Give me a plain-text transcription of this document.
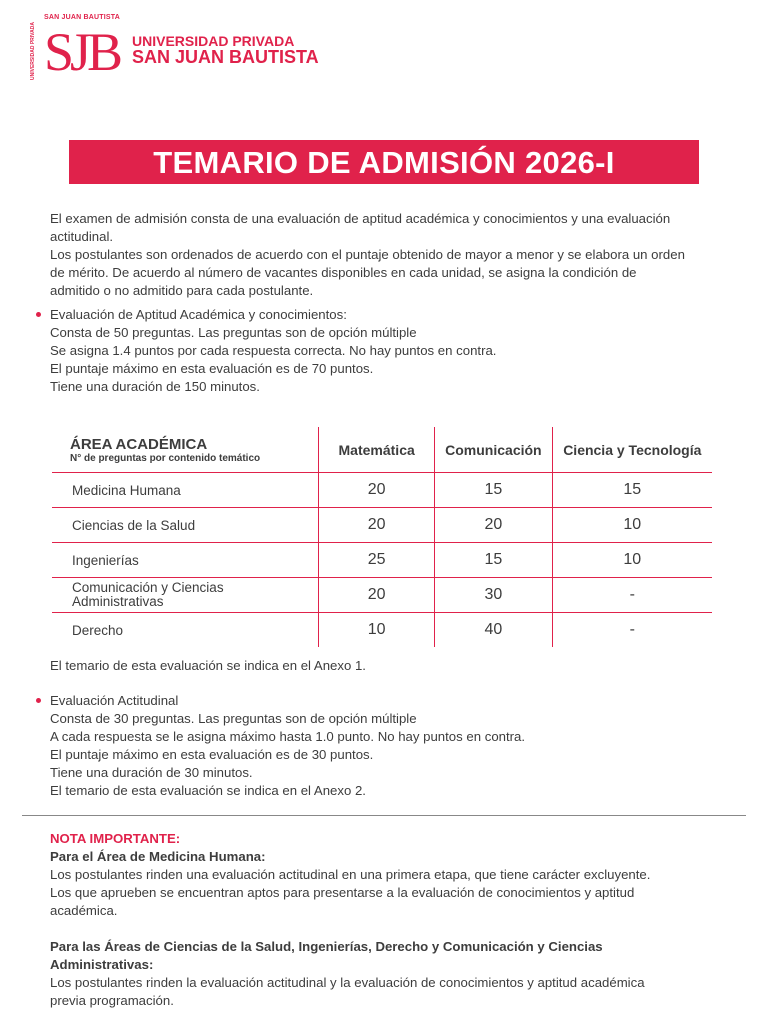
SAN JUAN BAUTISTA
UNIVERSIDAD PRIVADA SJB UNIVERSIDAD PRIVADA
SAN JUAN BAUTISTA
TEMARIO DE ADMISIÓN 2026-I
El examen de admisión consta de una evaluación de aptitud académica y conocimientos y una evaluación
actitudinal.
Los postulantes son ordenados de acuerdo con el puntaje obtenido de mayor a menor y se elabora un orden
de mérito. De acuerdo al número de vacantes disponibles en cada unidad, se asigna la condición de
admitido o no admitido para cada postulante.
Evaluación de Aptitud Académica y conocimientos:
Consta de 50 preguntas. Las preguntas son de opción múltiple
Se asigna 1.4 puntos por cada respuesta correcta. No hay puntos en contra.
El puntaje máximo en esta evaluación es de 70 puntos.
Tiene una duración de 150 minutos.
ÁREA ACADÉMICA
N° de preguntas por contenido temático	Matemática	Comunicación	Ciencia y Tecnología
Medicina Humana	20	15	15
Ciencias de la Salud	20	20	10
Ingenierías	25	15	10

Comunicación y Ciencias
Administrativas	20	30	-
Derecho	10	40	-
El temario de esta evaluación se indica en el Anexo 1.
Evaluación Actitudinal
Consta de 30 preguntas. Las preguntas son de opción múltiple
A cada respuesta se le asigna máximo hasta 1.0 punto. No hay puntos en contra.
El puntaje máximo en esta evaluación es de 30 puntos.
Tiene una duración de 30 minutos.
El temario de esta evaluación se indica en el Anexo 2.
NOTA IMPORTANTE:
Para el Área de Medicina Humana:
Los postulantes rinden una evaluación actitudinal en una primera etapa, que tiene carácter excluyente.
Los que aprueben se encuentran aptos para presentarse a la evaluación de conocimientos y aptitud
académica.
Para las Áreas de Ciencias de la Salud, Ingenierías, Derecho y Comunicación y Ciencias
Administrativas:
Los postulantes rinden la evaluación actitudinal y la evaluación de conocimientos y aptitud académica
previa programación.
